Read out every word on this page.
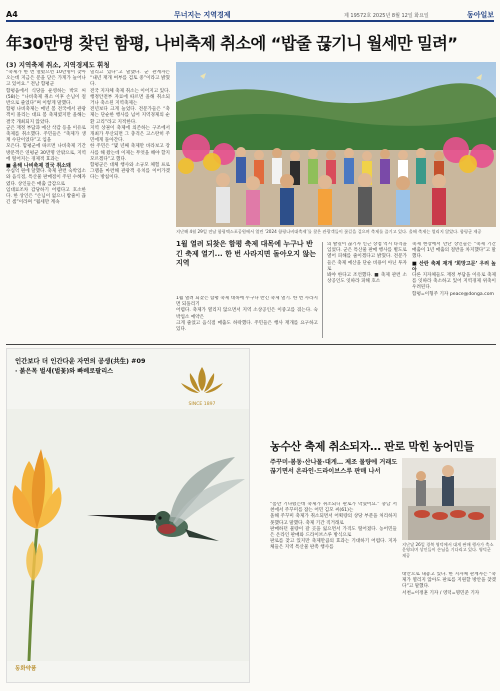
A4	무너지는 지역경제	제 19572호 2025년 8월 12일 화요일	동아일보
年30만명 찾던 함평, 나비축제 취소에 “밥줄 끊기니 월세만 밀려”
(3) 지역축제 취소, 지역경제도 휘청
“축제가 한 번 열렸으면 10만명이 찾아오는데 지금은 문을 닫은 가게가 늘어나고 있어요.” 전남 함평군
함평읍에서 식당을 운영하는 박모 씨(58)는 “나비축제 취소 이후 손님이 절반으로 줄었다”며 이렇게 말했다.
함평 나비축제는 매년 봄 전국에서 관광객이 몰리는 대표 봄 축제였지만 올해는 결국 개최되지 않았다.
군은 재정 부담과 예산 삭감 등을 이유로 축제를 취소했다. 주민들은 “축제가 생계 수단이었다”고 입을
모은다. 함평군에 따르면 나비축제 기간 방문객은 연평균 30만명 안팎으로, 지역에 떨어지는 경제적 효과는
■ 올해 나비축제 결국 취소돼
수십억 원에 달했다. 축제 관련 숙박업소와 음식점, 특산물 판매점이 주된 수혜자였다. 상인들은 매출 급감으로
임대료조차 감당하기 어렵다고 호소한다. 한 상인은 “손님이 없으니 밥줄이 끊긴 셈”이라며 “월세만 계속
밀리고 있다”고 말했다. 군 관계자는 “내년 재개 여부를 검토 중”이라고 밝혔다.
전국 지자체 축제 취소는 이어지고 있다. 행정안전부 자료에 따르면 올해 취소되거나 축소된 지역축제는
전년보다 크게 늘었다. 전문가들은 “축제는 단순한 행사를 넘어 지역경제의 순환 고리”라고 지적한다.
지역 상권이 축제에 의존하는 구조에서 개최가 무산되면 그 충격은 고스란히 주민에게 돌아간다.
한 주민은 “몇 년째 축제만 바라보고 장사를 해 왔는데 이제는 무엇을 해야 할지 모르겠다”고 했다.
함평군은 대체 행사와 소규모 체험 프로그램을 마련해 관광객 유치를 이어가겠다는 방침이다.
지난해 4월 29일 전남 함평엑스포공원에서 열린 ‘2024 함평나비대축제’를 찾은 관광객들이 꽃길을 걸으며 축제를 즐기고 있다. 올해 축제는 열리지 않았다. 함평군 제공
1월 열려 되찾은 함평 축제 대목에 누구나 반긴 축제 열기... 한 번 사라지면 돌아오지 않는 지역
1월 열려 되찾은 함평 축제 대목에 누구나 반긴 축제 열기. 한 번 사라지면 되돌리기
어렵다. 축제가 열리지 않으면서 지역 소상공인은 이중고를 겪는다. 숙박업소 예약은
크게 줄었고 음식점 매출도 하락했다. 주민들은 행사 재개를 요구하고 있다.
의 발길이 끊기자 인근 상점 역시 타격을 입었다. 군은 특산물 판매 행사를 별도로
열어 피해를 줄이겠다고 밝혔다. 전문가들은 축제 예산을 단순 비용이 아닌 투자로
봐야 한다고 조언했다. ■ 축제 관련 소상공인도 잇따라 피해 호소
축제 현장에서 만난 상인들은 “축제 기간 매출이 1년 매출의 절반을 차지했다”고 말했다.
■ 산란 축제 재개 ‘희망고문’ 우려 높아
다른 지자체들도 재정 부담을 이유로 축제를 잇따라 축소하고 있어 지역경제 위축이 우려된다.
함평=이형주 기자 peace@donga.com
인간보다 더 인간다운 자연의 공생(共生) #09
· 붉은목 벌새(벌꽃)와 빠베로팔리스
SINCE 1897
동화약품
농수산 축제 취소되자… 판로 막힌 농어민들
주꾸미·봄동·산나물·대게… 제조 물량에 거래도 끊기면서 온라인·드라이브스루 판매 나서
지난달 26일 경북 영덕에서 대게 판매 행사가 축소 운영되며 상인들이 손님을 기다리고 있다. 영덕군 제공
“봄만 기다렸는데 축제가 취소되니 판로가 막혔어요.” 충남 서천에서 주꾸미를 잡는 어민 김모 씨(61)는
올해 주꾸미 축제가 취소되면서 어획량의 상당 부분을 처리하지 못했다고 말했다. 축제 기간 직거래로
판매하던 물량이 갈 곳을 잃으면서 가격도 떨어졌다. 농어민들은 온라인 판매와 드라이브스루 방식으로
판로를 찾고 있지만 축제만큼의 효과는 기대하기 어렵다. 지자체들은 지역 특산물 판촉 행사를
대안으로 내놓고 있다. 한 지자체 관계자는 “축제가 열리지 않아도 판로를 지원할 방안을 찾겠다”고 말했다.
서천=이정훈 기자 / 영덕=명민준 기자
